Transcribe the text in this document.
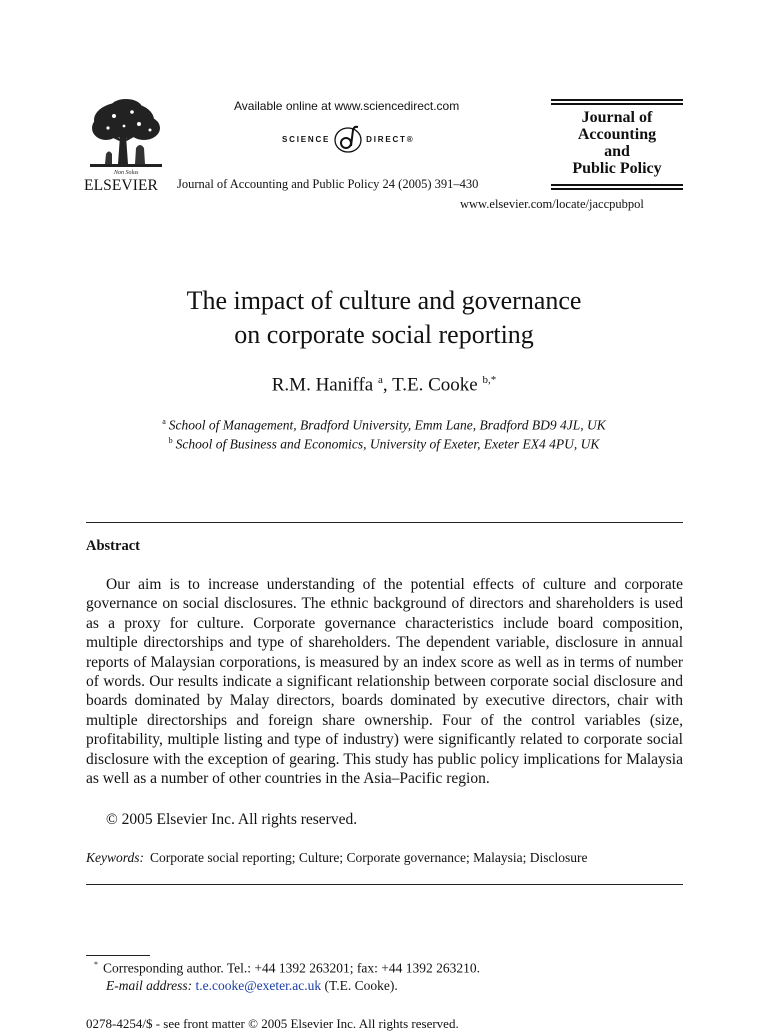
Non Solus
ELSEVIER
Available online at www.sciencedirect.com
SCIENCE	DIRECT®
Journal of Accounting and Public Policy 24 (2005) 391–430
Journal of
Accounting
and
Public Policy
www.elsevier.com/locate/jaccpubpol
The impact of culture and governance
on corporate social reporting
R.M. Haniffa $^a$, T.E. Cooke $^{b,*}$
$^a$ School of Management, Bradford University, Emm Lane, Bradford BD9 4JL, UK
$^b$ School of Business and Economics, University of Exeter, Exeter EX4 4PU, UK
Abstract

Our aim is to increase understanding of the potential effects of culture and corporate governance on social disclosures. The ethnic background of directors and shareholders is used as a proxy for culture. Corporate governance characteristics include board composition, multiple directorships and type of shareholders. The dependent variable, disclosure in annual reports of Malaysian corporations, is measured by an index score as well as in terms of number of words. Our results indicate a significant relationship between corporate social disclosure and boards dominated by Malay directors, boards dominated by executive directors, chair with multiple directorships and foreign share ownership. Four of the control variables (size, profitability, multiple listing and type of industry) were significantly related to corporate social disclosure with the exception of gearing. This study has public policy implications for Malaysia as well as a number of other countries in the Asia–Pacific region.

© 2005 Elsevier Inc. All rights reserved.
Keywords: Corporate social reporting; Culture; Corporate governance; Malaysia; Disclosure
* Corresponding author. Tel.: +44 1392 263201; fax: +44 1392 263210.
E-mail address: t.e.cooke@exeter.ac.uk (T.E. Cooke).
0278-4254/$ - see front matter © 2005 Elsevier Inc. All rights reserved.
